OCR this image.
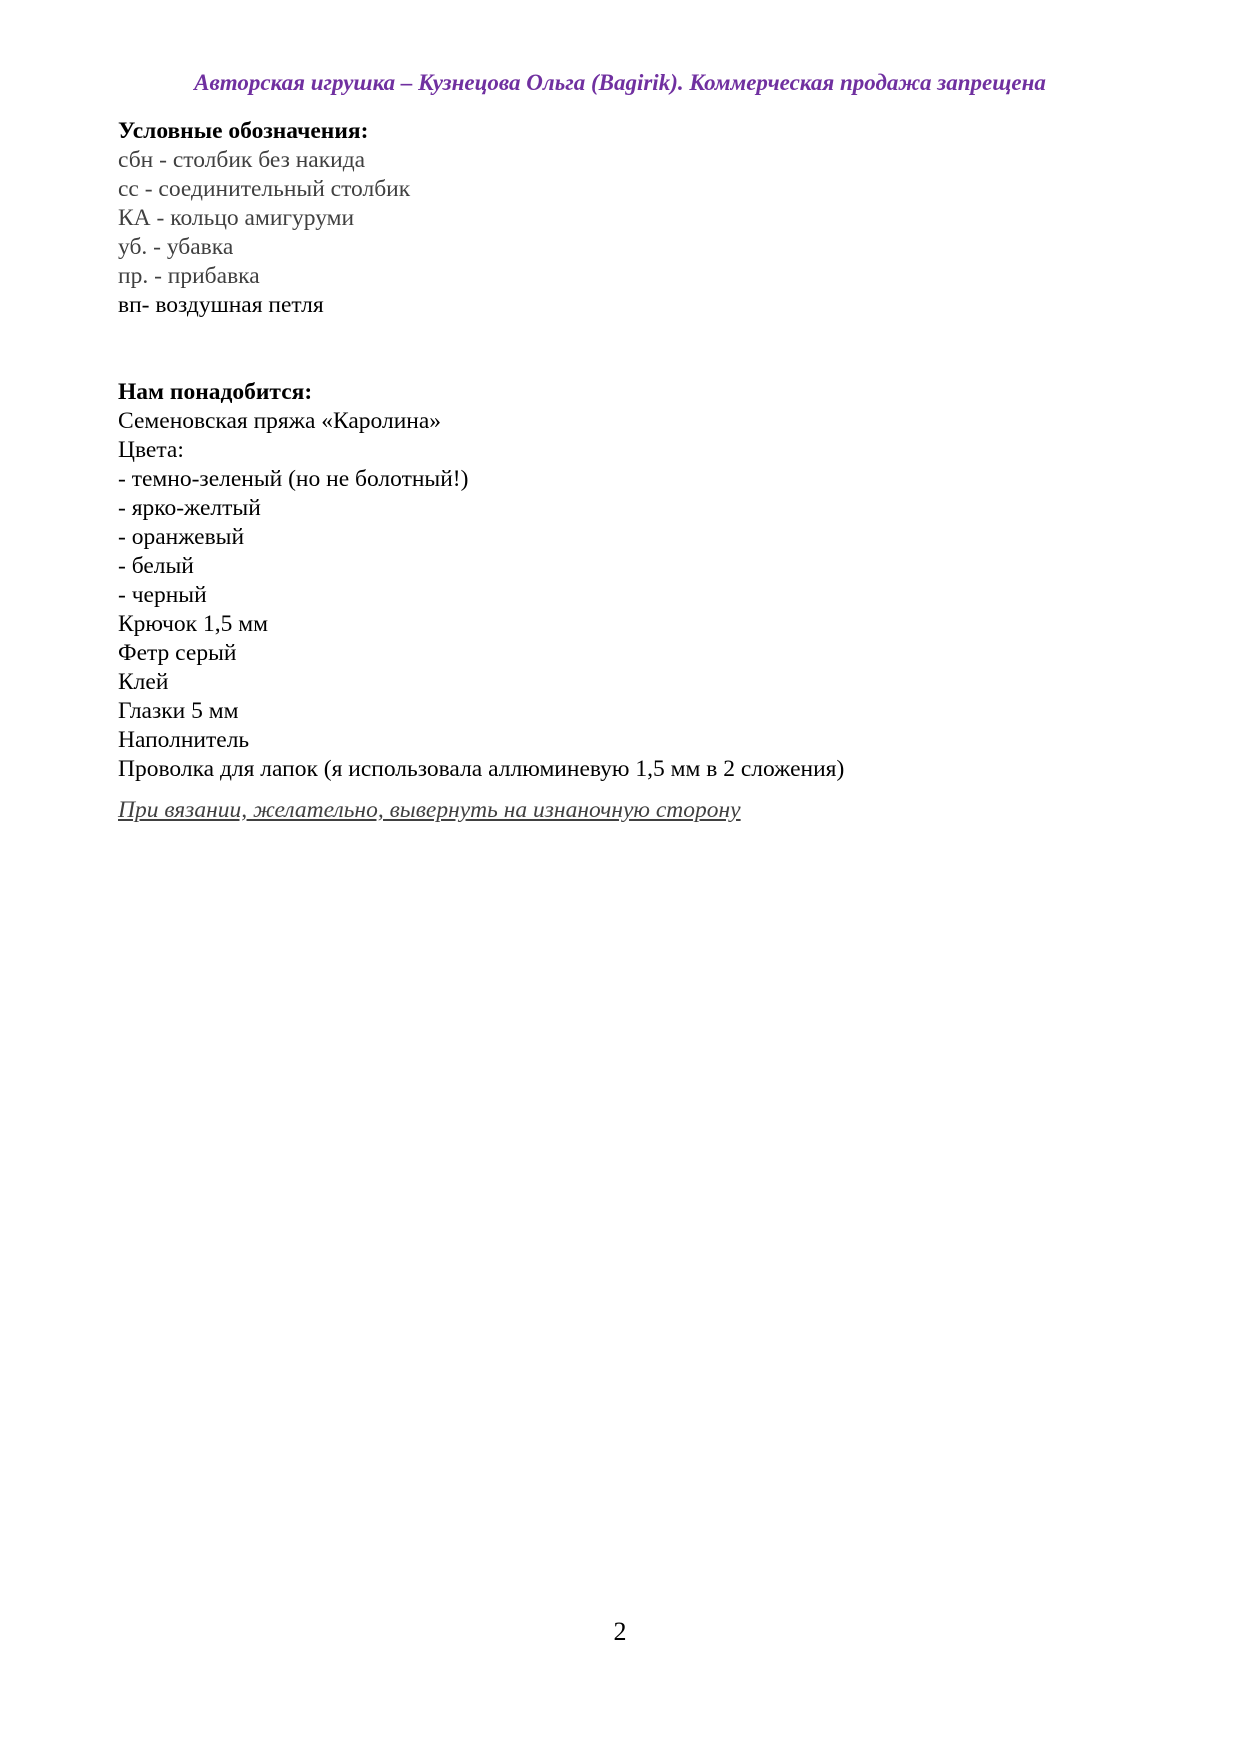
Авторская игрушка – Кузнецова Ольга (Bagirik). Коммерческая продажа запрещена
Условные обозначения:
сбн - столбик без накида
сс - соединительный столбик
КА - кольцо амигуруми
уб. - убавка
пр. - прибавка
вп- воздушная петля
Нам понадобится:
Семеновская пряжа «Каролина»
Цвета:
- темно-зеленый (но не болотный!)
- ярко-желтый
- оранжевый
- белый
- черный
Крючок 1,5 мм
Фетр серый
Клей
Глазки 5 мм
Наполнитель
Проволка для лапок (я использовала аллюминевую 1,5 мм в 2 сложения)
При вязании, желательно, вывернуть на изнаночную сторону
2
